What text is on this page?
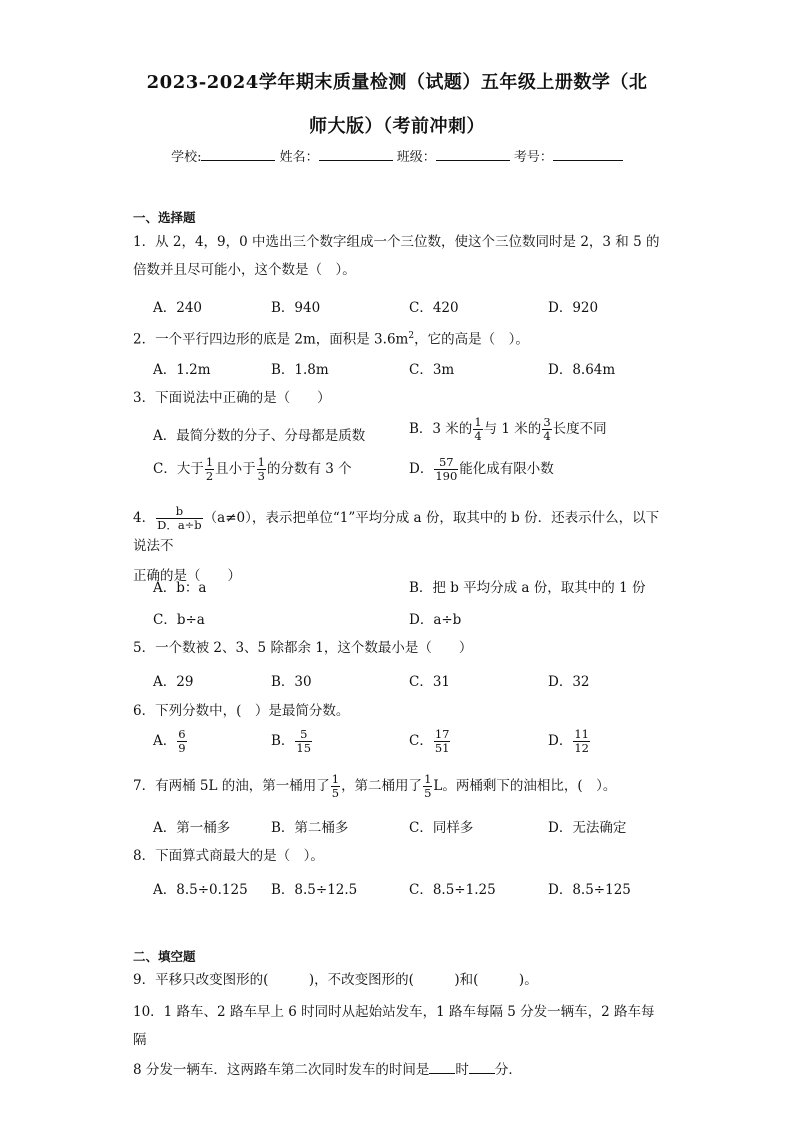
2023-2024学年期末质量检测（试题）五年级上册数学（北
师大版）（考前冲刺）
学校:	姓名：	班级：	考号：
一、选择题
1．从 2，4，9，0 中选出三个数字组成一个三位数，使这个三位数同时是 2，3 和 5 的
倍数并且尽可能小，这个数是（　）。
A．240	B．940	C．420	D．920
2．一个平行四边形的底是 2m，面积是 $3.6m^2$，它的高是（　）。
A．1.2m	B．1.8m	C．3m	D．8.64m
3．下面说法中正确的是（　　）
A．最简分数的分子、分母都是质数	B．3 米的 $\frac{1}{4}$ 与 1 米的 $\frac{3}{4}$ 长度不同
C．大于 $\frac{1}{2}$ 且小于 $\frac{1}{3}$ 的分数有 3 个	D． $\frac{57}{190}$ 能化成有限小数
4． $\frac{b}{D.a\div b} (a\ne 0)$，表示把单位“1”平均分成 a 份，取其中的 b 份．还表示什么，以下说法不
正确的是（　　）
A．b：a	B．把 b 平均分成 a 份，取其中的 1 份
C．b÷a	D．a÷b
5．一个数被 2、3、5 除都余 1，这个数最小是（　　）
A．29	B．30	C．31	D．32
6．下列分数中，(　）是最简分数。
A． $\frac{6}{9}$	B． $\frac{5}{15}$	C． $\frac{17}{51}$	D． $\frac{11}{12}$
7．有两桶 5L 的油，第一桶用了 $\frac{1}{5}$ ，第二桶用了 $\frac{1}{5}$ L。两桶剩下的油相比，(　）。
A．第一桶多	B．第二桶多	C．同样多	D．无法确定
8．下面算式商最大的是（　）。
A．8.5÷0.125 B．8.5÷12.5	C．8.5÷1.25	D．8.5÷125
二、填空题
9．平移只改变图形的(　　　)，不改变图形的(　　　)和(　　　)。
10．1 路车、2 路车早上 6 时同时从起始站发车，1 路车每隔 5 分发一辆车，2 路车每隔
8 分发一辆车．这两路车第二次同时发车的时间是 时 分．
